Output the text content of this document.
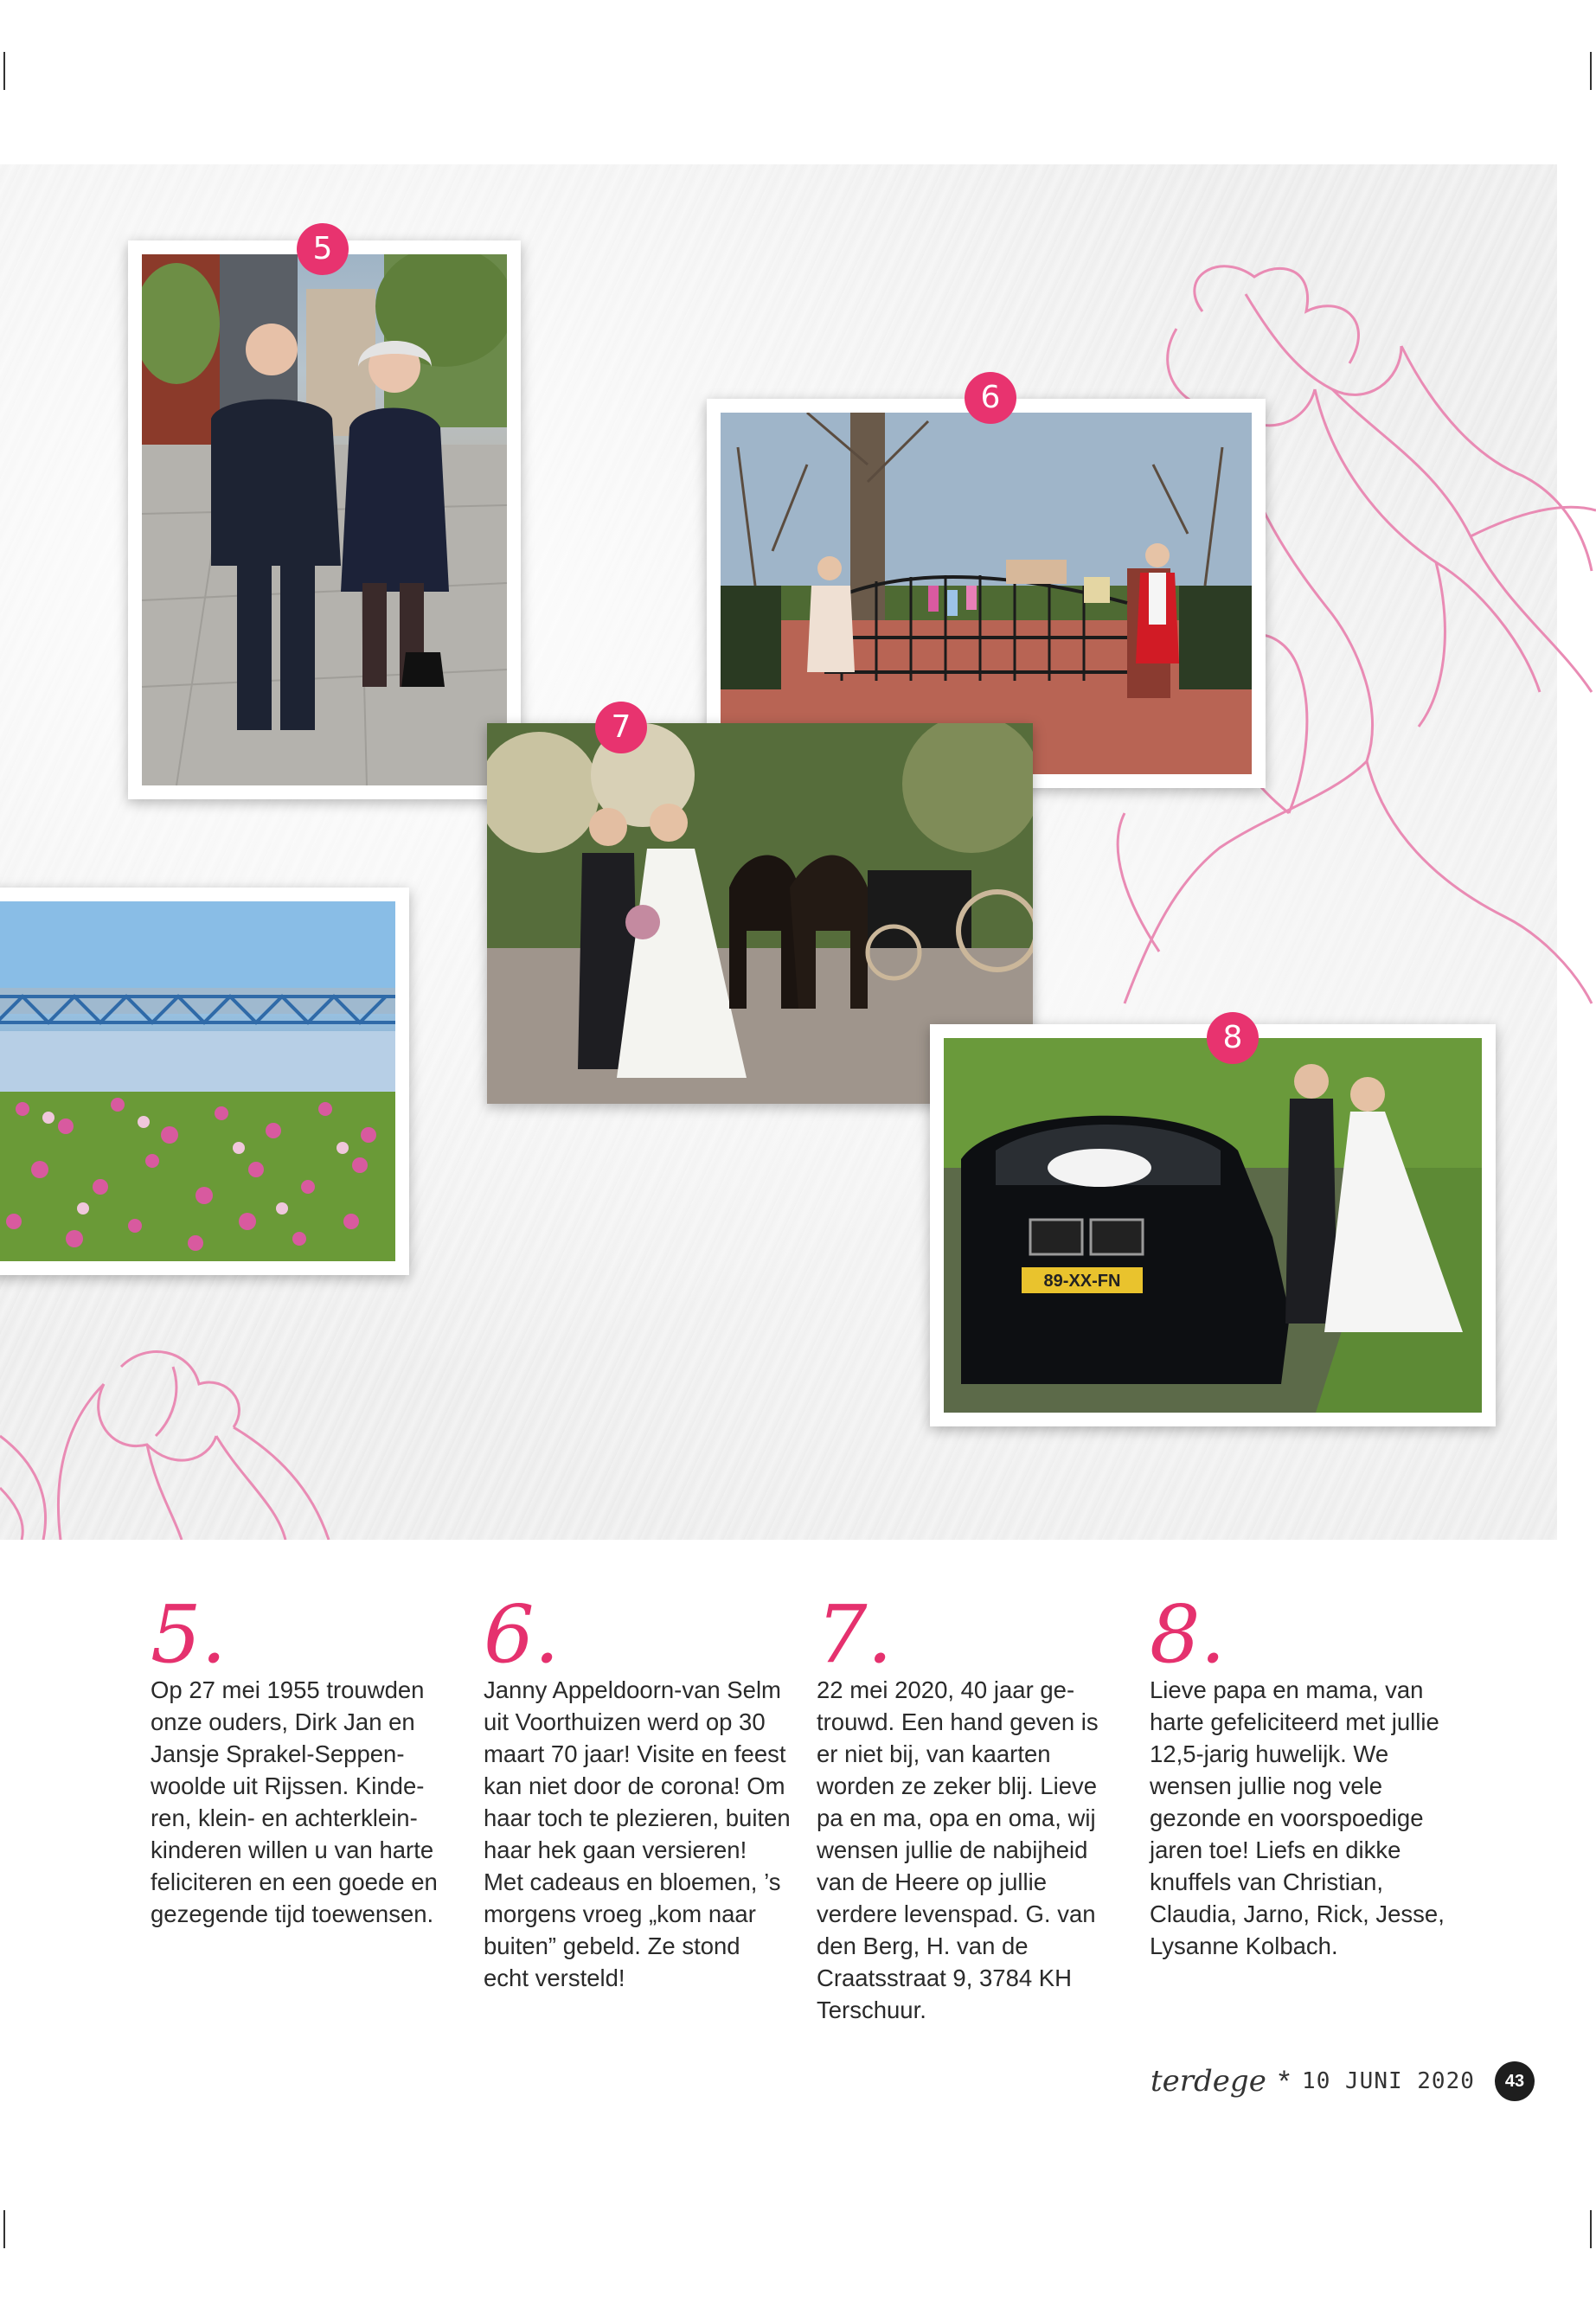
5
6
7
89-XX-FN
8
5.
Op 27 mei 1955 trouwden onze ouders, Dirk Jan en Jansje Sprakel-Seppen-woolde uit Rijssen. Kinde-ren, klein- en achterklein-kinderen willen u van harte feliciteren en een goede en gezegende tijd toewensen.
6.
Janny Appeldoorn-van Selm uit Voorthuizen werd op 30 maart 70 jaar! Visite en feest kan niet door de corona! Om haar toch te plezieren, buiten haar hek gaan versieren! Met cadeaus en bloemen, ’s morgens vroeg „kom naar buiten” gebeld. Ze stond echt versteld!
7.
22 mei 2020, 40 jaar ge-trouwd. Een hand geven is er niet bij, van kaarten worden ze zeker blij. Lieve pa en ma, opa en oma, wij wensen jullie de nabijheid van de Heere op jullie verdere levenspad. G. van den Berg, H. van de Craatsstraat 9, 3784 KH Terschuur.
8.
Lieve papa en mama, van harte gefeliciteerd met jullie 12,5-jarig huwelijk. We wensen jullie nog vele gezonde en voorspoedige jaren toe! Liefs en dikke knuffels van Christian, Claudia, Jarno, Rick, Jesse, Lysanne Kolbach.
terdege * 10 JUNI 2020	43
